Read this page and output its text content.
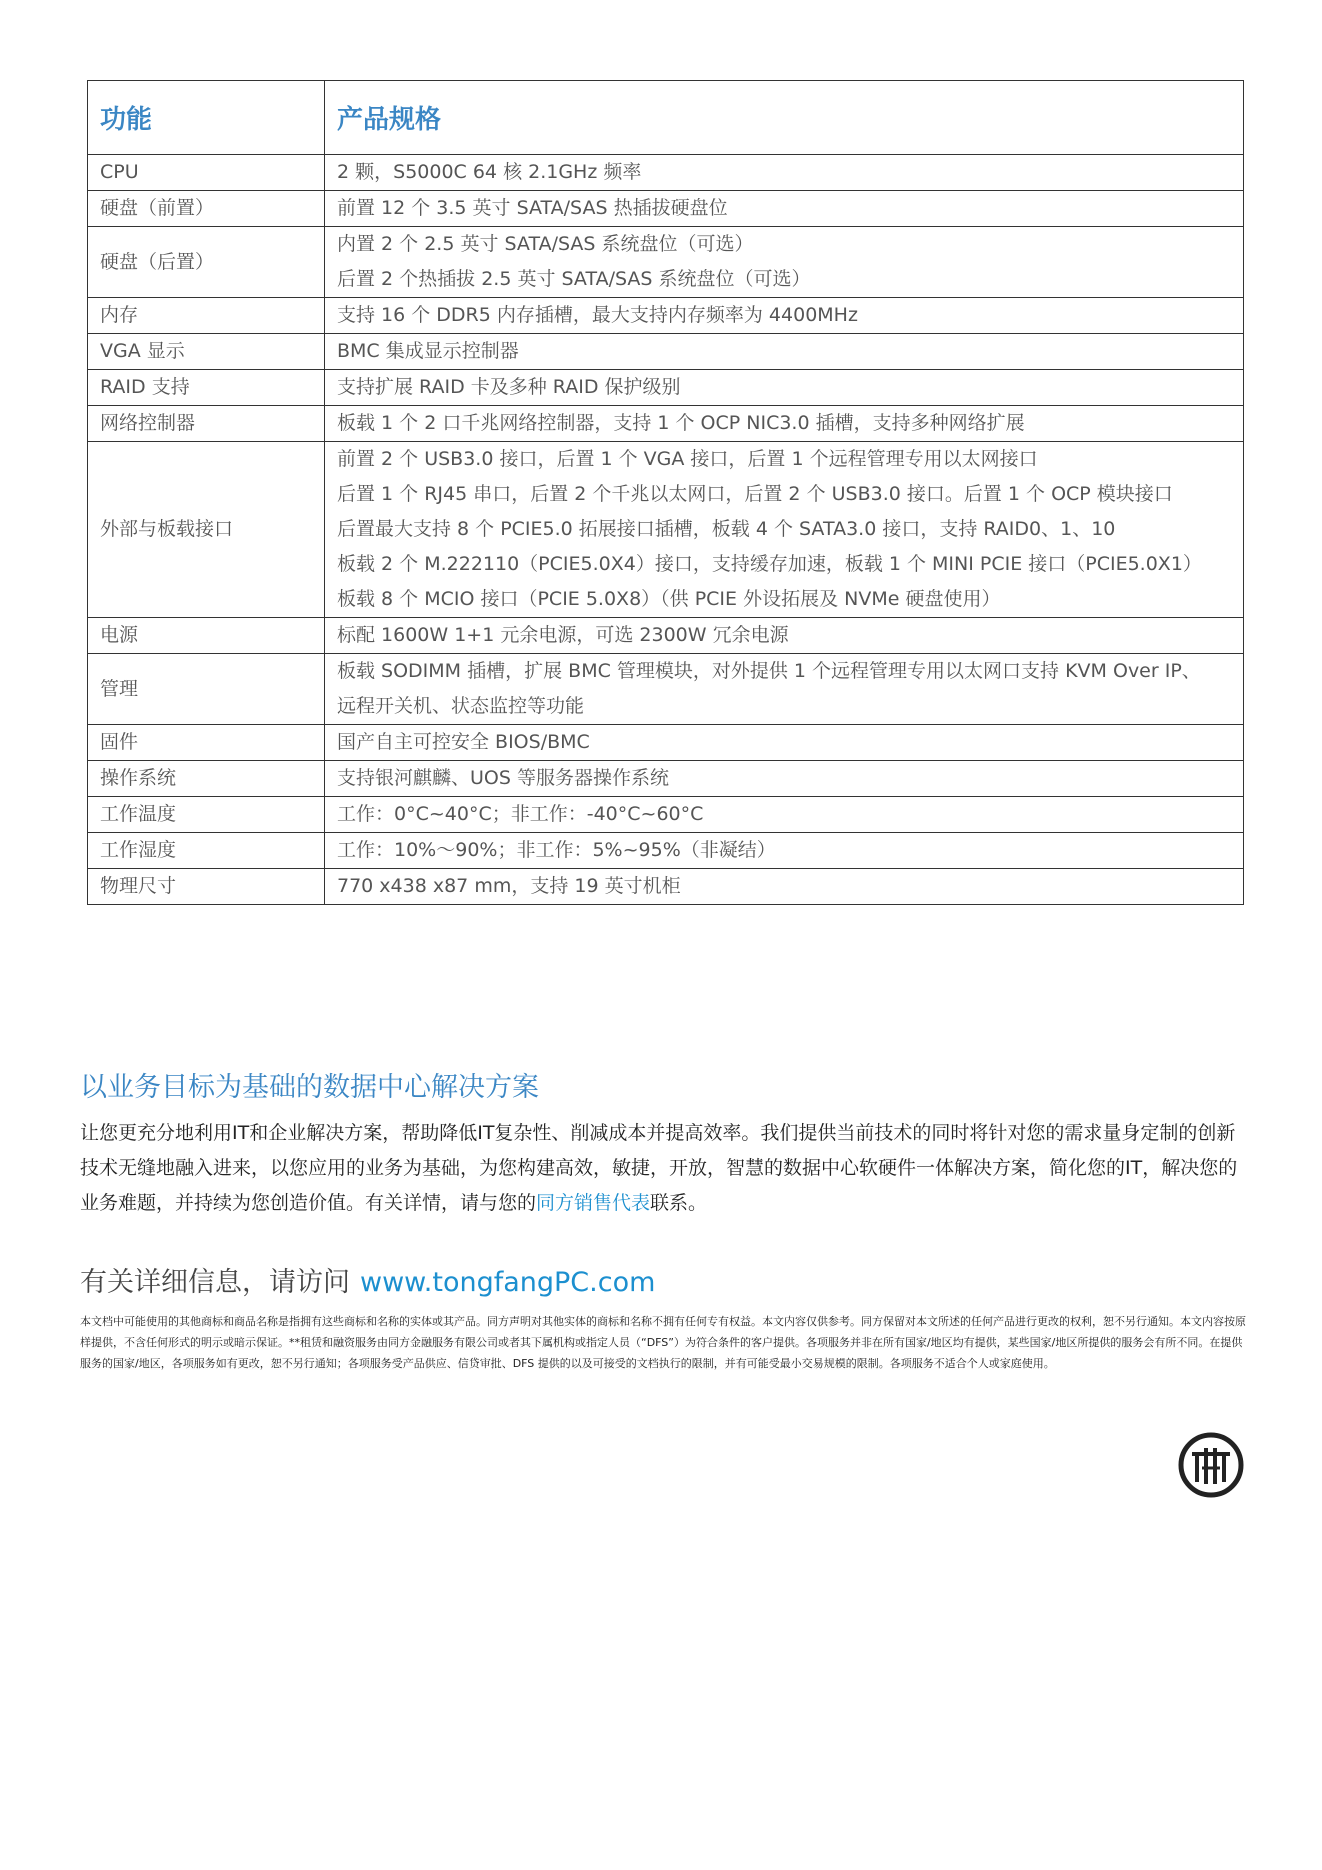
功能	产品规格
CPU	2 颗，S5000C 64 核 2.1GHz 频率

硬盘（前置）	前置 12 个 3.5 英寸 SATA/SAS 热插拔硬盘位

硬盘（后置）	内置 2 个 2.5 英寸 SATA/SAS 系统盘位（可选）
后置 2 个热插拔 2.5 英寸 SATA/SAS 系统盘位（可选）

内存	支持 16 个 DDR5 内存插槽，最大支持内存频率为 4400MHz

VGA 显示	BMC 集成显示控制器

RAID 支持	支持扩展 RAID 卡及多种 RAID 保护级别

网络控制器	板载 1 个 2 口千兆网络控制器，支持 1 个 OCP NIC3.0 插槽，支持多种网络扩展

外部与板载接口	前置 2 个 USB3.0 接口，后置 1 个 VGA 接口，后置 1 个远程管理专用以太网接口
后置 1 个 RJ45 串口，后置 2 个千兆以太网口，后置 2 个 USB3.0 接口。后置 1 个 OCP 模块接口
后置最大支持 8 个 PCIE5.0 拓展接口插槽，板载 4 个 SATA3.0 接口，支持 RAID0、1、10
板载 2 个 M.222110（PCIE5.0X4）接口，支持缓存加速，板载 1 个 MINI PCIE 接口（PCIE5.0X1）
板载 8 个 MCIO 接口（PCIE 5.0X8）（供 PCIE 外设拓展及 NVMe 硬盘使用）

电源	标配 1600W 1+1 元余电源，可选 2300W 冗余电源

管理	板载 SODIMM 插槽，扩展 BMC 管理模块，对外提供 1 个远程管理专用以太网口支持 KVM Over IP、
远程开关机、状态监控等功能

固件	国产自主可控安全 BIOS/BMC

操作系统	支持银河麒麟、UOS 等服务器操作系统

工作温度	工作：0°C~40°C；非工作：-40°C~60°C

工作湿度	工作：10%～90%；非工作：5%~95%（非凝结）

物理尺寸	770 x438 x87 mm，支持 19 英寸机柜
以业务目标为基础的数据中心解决方案
让您更充分地利用IT和企业解决方案，帮助降低IT复杂性、削减成本并提高效率。我们提供当前技术的同时将针对您的需求量身定制的创新技术无缝地融入进来，以您应用的业务为基础，为您构建高效，敏捷，开放，智慧的数据中心软硬件一体解决方案，简化您的IT，解决您的业务难题，并持续为您创造价值。有关详情，请与您的同方销售代表联系。
有关详细信息，请访问 www.tongfangPC.com
本文档中可能使用的其他商标和商品名称是指拥有这些商标和名称的实体或其产品。同方声明对其他实体的商标和名称不拥有任何专有权益。本文内容仅供参考。同方保留对本文所述的任何产品进行更改的权利，恕不另行通知。本文内容按原样提供，不含任何形式的明示或暗示保证。**租赁和融资服务由同方金融服务有限公司或者其下属机构或指定人员（“DFS”）为符合条件的客户提供。各项服务并非在所有国家/地区均有提供，某些国家/地区所提供的服务会有所不同。在提供服务的国家/地区，各项服务如有更改，恕不另行通知；各项服务受产品供应、信贷审批、DFS 提供的以及可接受的文档执行的限制，并有可能受最小交易规模的限制。各项服务不适合个人或家庭使用。
